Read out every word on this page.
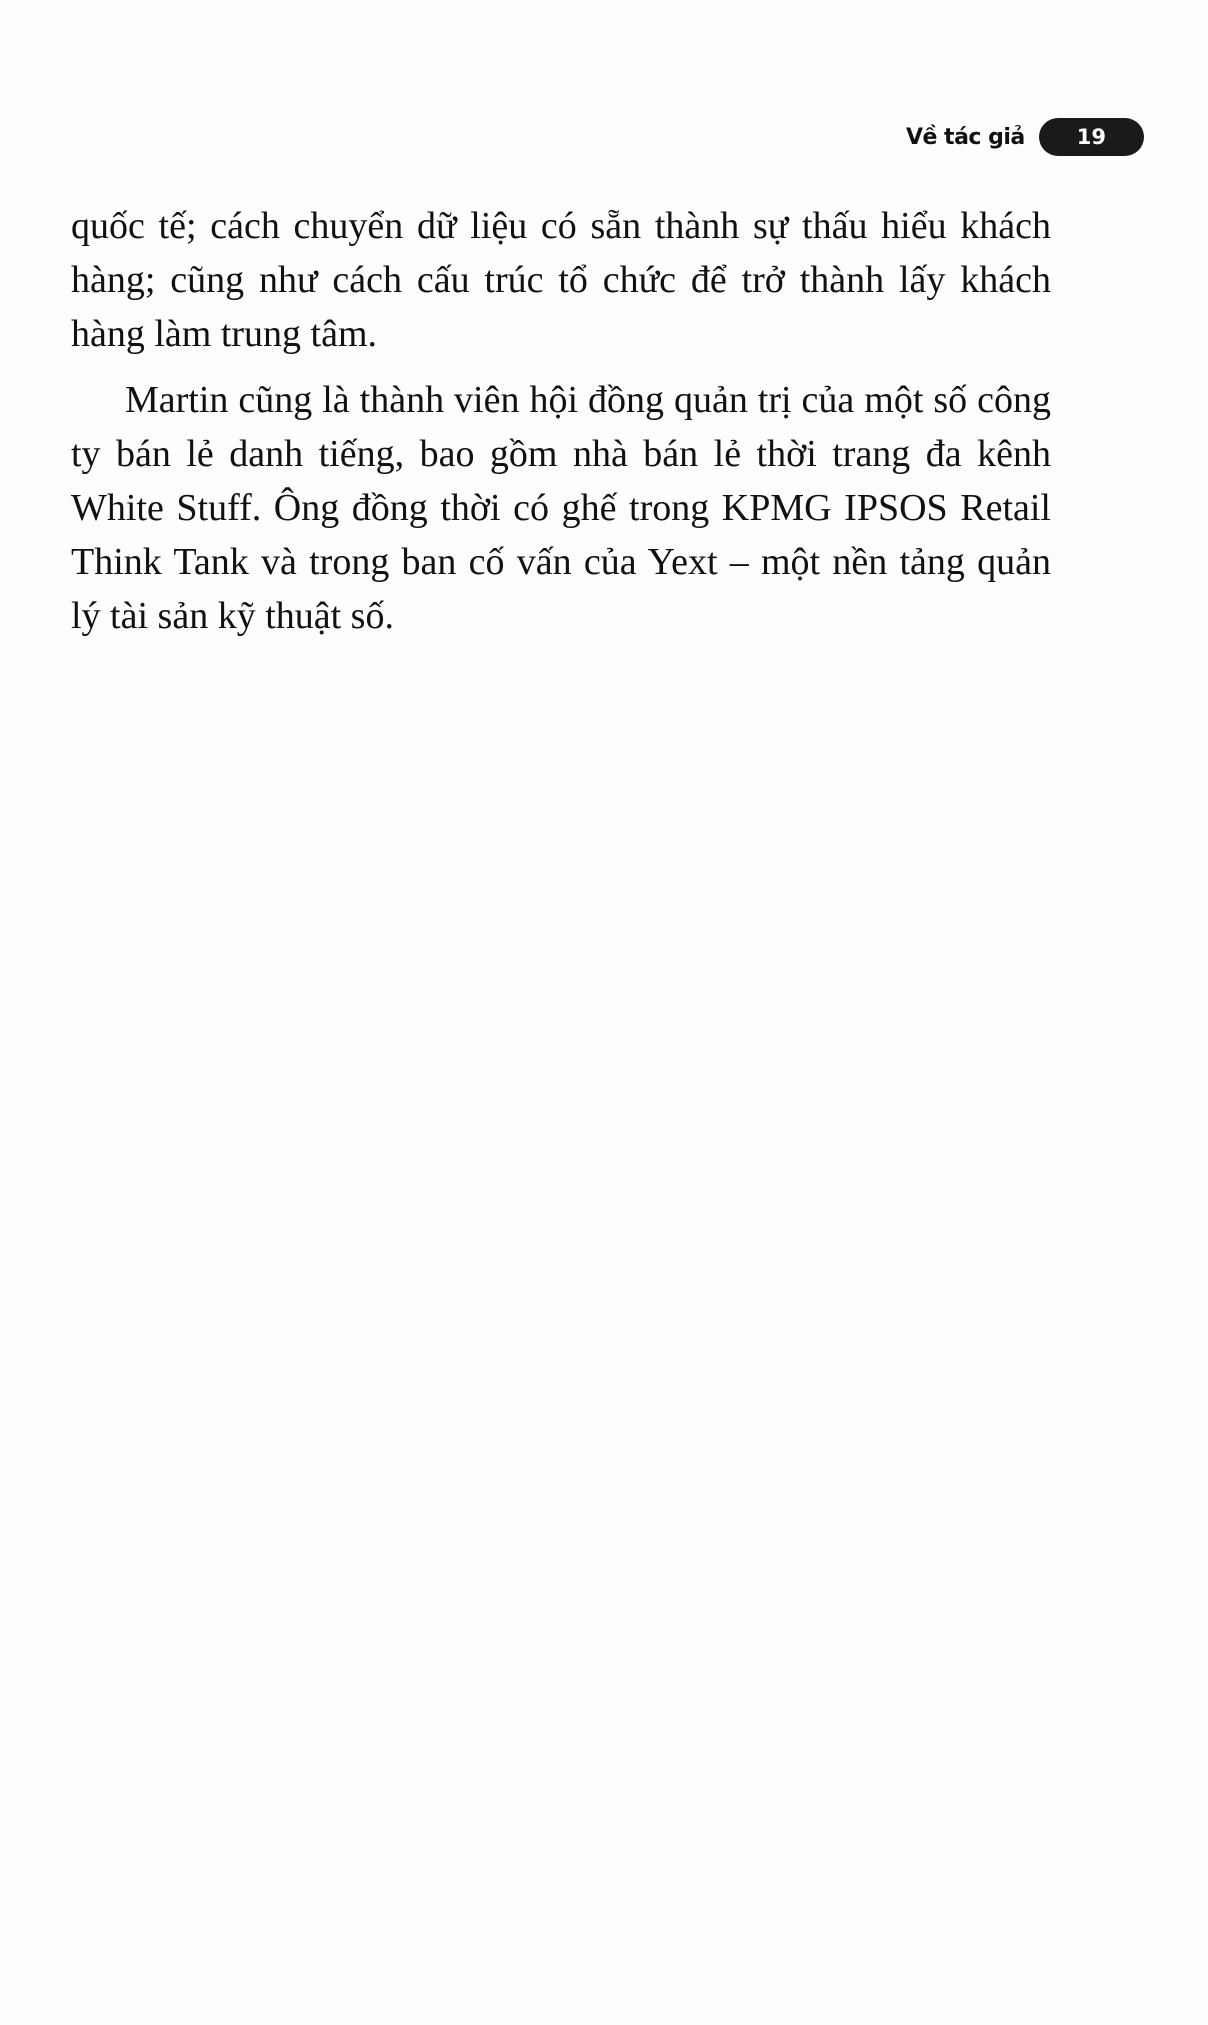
Về tác giả	19

quốc tế; cách chuyển dữ liệu có sẵn thành sự thấu hiểu khách hàng; cũng như cách cấu trúc tổ chức để trở thành lấy khách hàng làm trung tâm.

Martin cũng là thành viên hội đồng quản trị của một số công ty bán lẻ danh tiếng, bao gồm nhà bán lẻ thời trang đa kênh White Stuff. Ông đồng thời có ghế trong KPMG IPSOS Retail Think Tank và trong ban cố vấn của Yext – một nền tảng quản lý tài sản kỹ thuật số.
